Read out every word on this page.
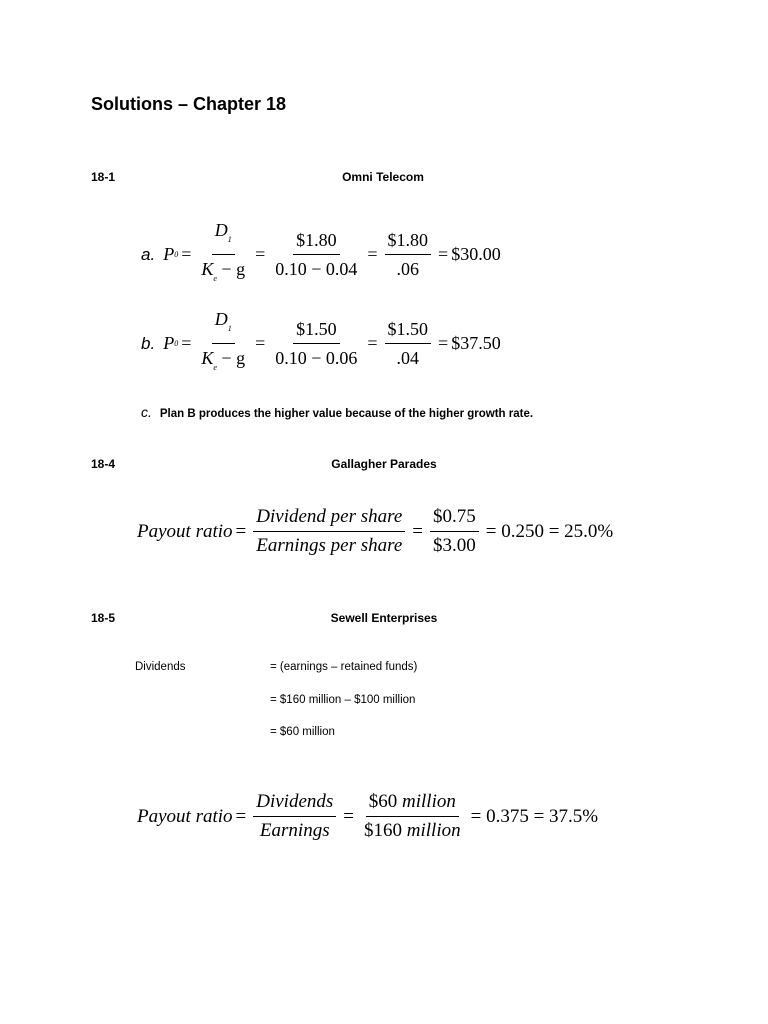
Solutions – Chapter 18
18-1	Omni Telecom
a. P $0 = \frac{D_1}{K_e - g} = \frac{\$1.80}{0.10 - 0.04} = \frac{\$1.80}{.06}$ = $30.00
b. P $0 = \frac{D_1}{K_e - g} = \frac{\$1.50}{0.10 - 0.06} = \frac{\$1.50}{.04}$ = $37.50
c. Plan B produces the higher value because of the higher growth rate.
18-4	Gallagher Parades
Payout ratio = $\frac{\text{Dividend per share}}{\text{Earnings per share}} = \frac{\$0.75}{\$3.00} = 0.250 = 25.0\%$
18-5	Sewell Enterprises
Dividends	= (earnings – retained funds)
= $160 million – $100 million
= $60 million
Payout ratio = $\frac{\text{Dividends}}{\text{Earnings}} = \frac{\text{\$60 million}}{\text{\$160 million}} = 0.375 = 37.5\%$
